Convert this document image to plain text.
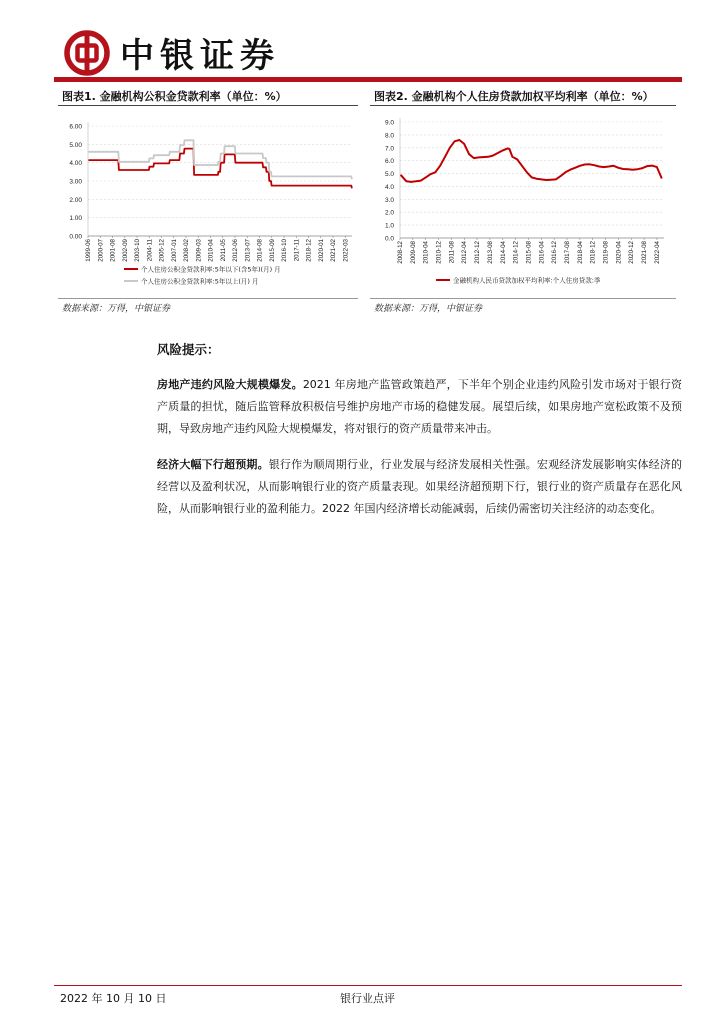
中银证券
图表1. 金融机构公积金贷款利率（单位：%）
6.00
5.00
4.00
3.00
2.00
1.00
0.00
1999-06 2000-07 2001-08 2002-09 2003-10 2004-11 2005-12 2007-01 2008-02 2009-03 2010-04 2011-05 2012-06 2013-07 2014-08 2015-09 2016-10 2017-11 2018-12 2020-01 2021-02 2022-03
个人住房公积金贷款利率:5年以下(含5年)(月) 月
个人住房公积金贷款利率:5年以上(月) 月
数据来源：万得，中银证券
图表2. 金融机构个人住房贷款加权平均利率（单位：%）
9.0
8.0
7.0
6.0
5.0
4.0
3.0
2.0
1.0
0.0
2008-12 2009-08 2010-04 2010-12 2011-08 2012-04 2012-12 2013-08 2014-04 2014-12 2015-08 2016-04 2016-12 2017-08 2018-04 2018-12 2019-08 2020-04 2020-12 2021-08 2022-04
金融机构人民币贷款加权平均利率:个人住房贷款:季
数据来源：万得，中银证券
风险提示：
房地产违约风险大规模爆发。2021 年房地产监管政策趋严，下半年个别企业违约风险引发市场对于银行资产质量的担忧，随后监管释放积极信号维护房地产市场的稳健发展。展望后续，如果房地产宽松政策不及预期，导致房地产违约风险大规模爆发，将对银行的资产质量带来冲击。
经济大幅下行超预期。银行作为顺周期行业，行业发展与经济发展相关性强。宏观经济发展影响实体经济的经营以及盈利状况，从而影响银行业的资产质量表现。如果经济超预期下行，银行业的资产质量存在恶化风险，从而影响银行业的盈利能力。2022 年国内经济增长动能减弱，后续仍需密切关注经济的动态变化。
2022 年 10 月 10 日	银行业点评
